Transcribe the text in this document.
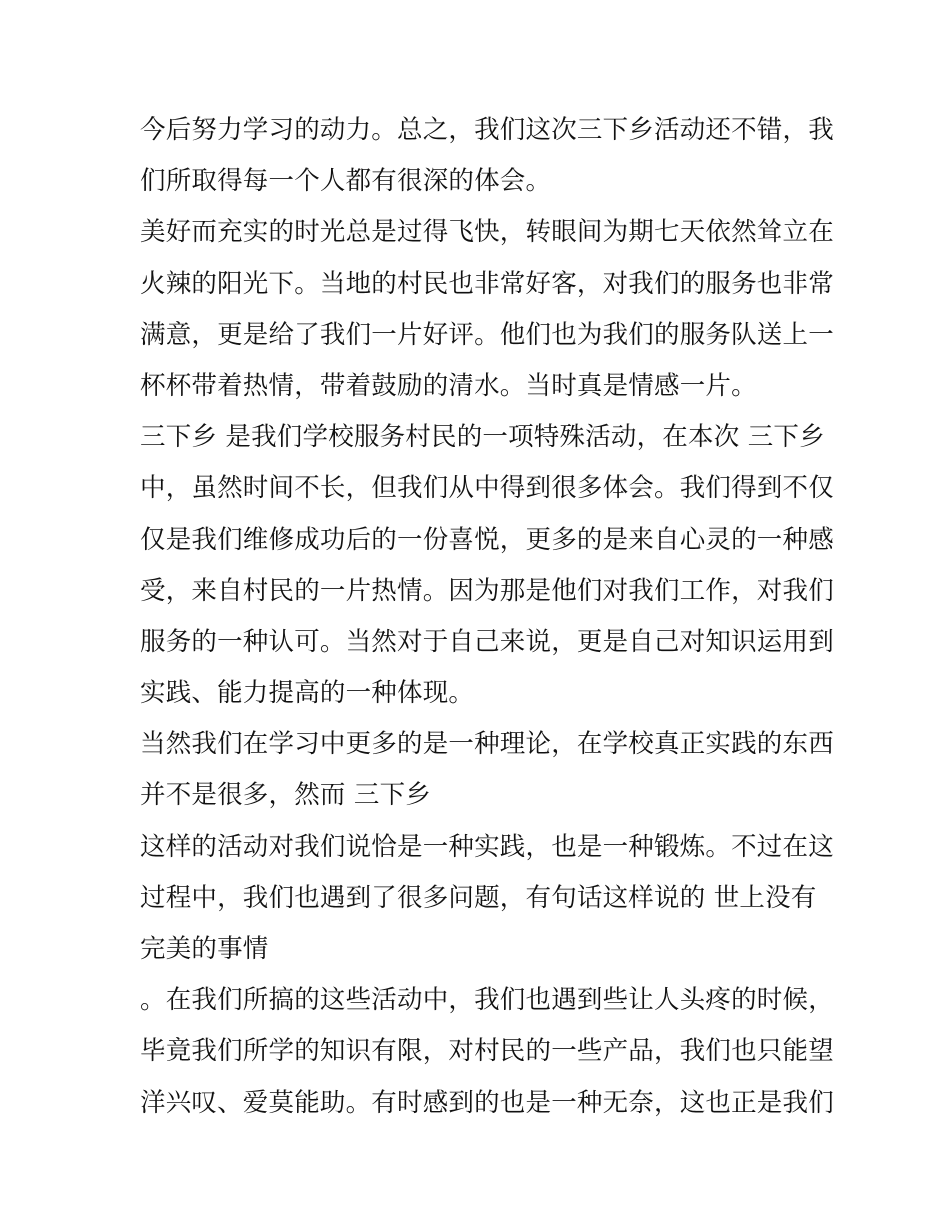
今后努力学习的动力。总之，我们这次三下乡活动还不错，我
们所取得每一个人都有很深的体会。
美好而充实的时光总是过得飞快，转眼间为期七天依然耸立在
火辣的阳光下。当地的村民也非常好客，对我们的服务也非常
满意，更是给了我们一片好评。他们也为我们的服务队送上一
杯杯带着热情，带着鼓励的清水。当时真是情感一片。
三下乡 是我们学校服务村民的一项特殊活动，在本次 三下乡
中，虽然时间不长，但我们从中得到很多体会。我们得到不仅
仅是我们维修成功后的一份喜悦，更多的是来自心灵的一种感
受，来自村民的一片热情。因为那是他们对我们工作，对我们
服务的一种认可。当然对于自己来说，更是自己对知识运用到
实践、能力提高的一种体现。
当然我们在学习中更多的是一种理论，在学校真正实践的东西
并不是很多，然而 三下乡
这样的活动对我们说恰是一种实践，也是一种锻炼。不过在这
过程中，我们也遇到了很多问题，有句话这样说的 世上没有
完美的事情
。在我们所搞的这些活动中，我们也遇到些让人头疼的时候，
毕竟我们所学的知识有限，对村民的一些产品，我们也只能望
洋兴叹、爱莫能助。有时感到的也是一种无奈，这也正是我们
